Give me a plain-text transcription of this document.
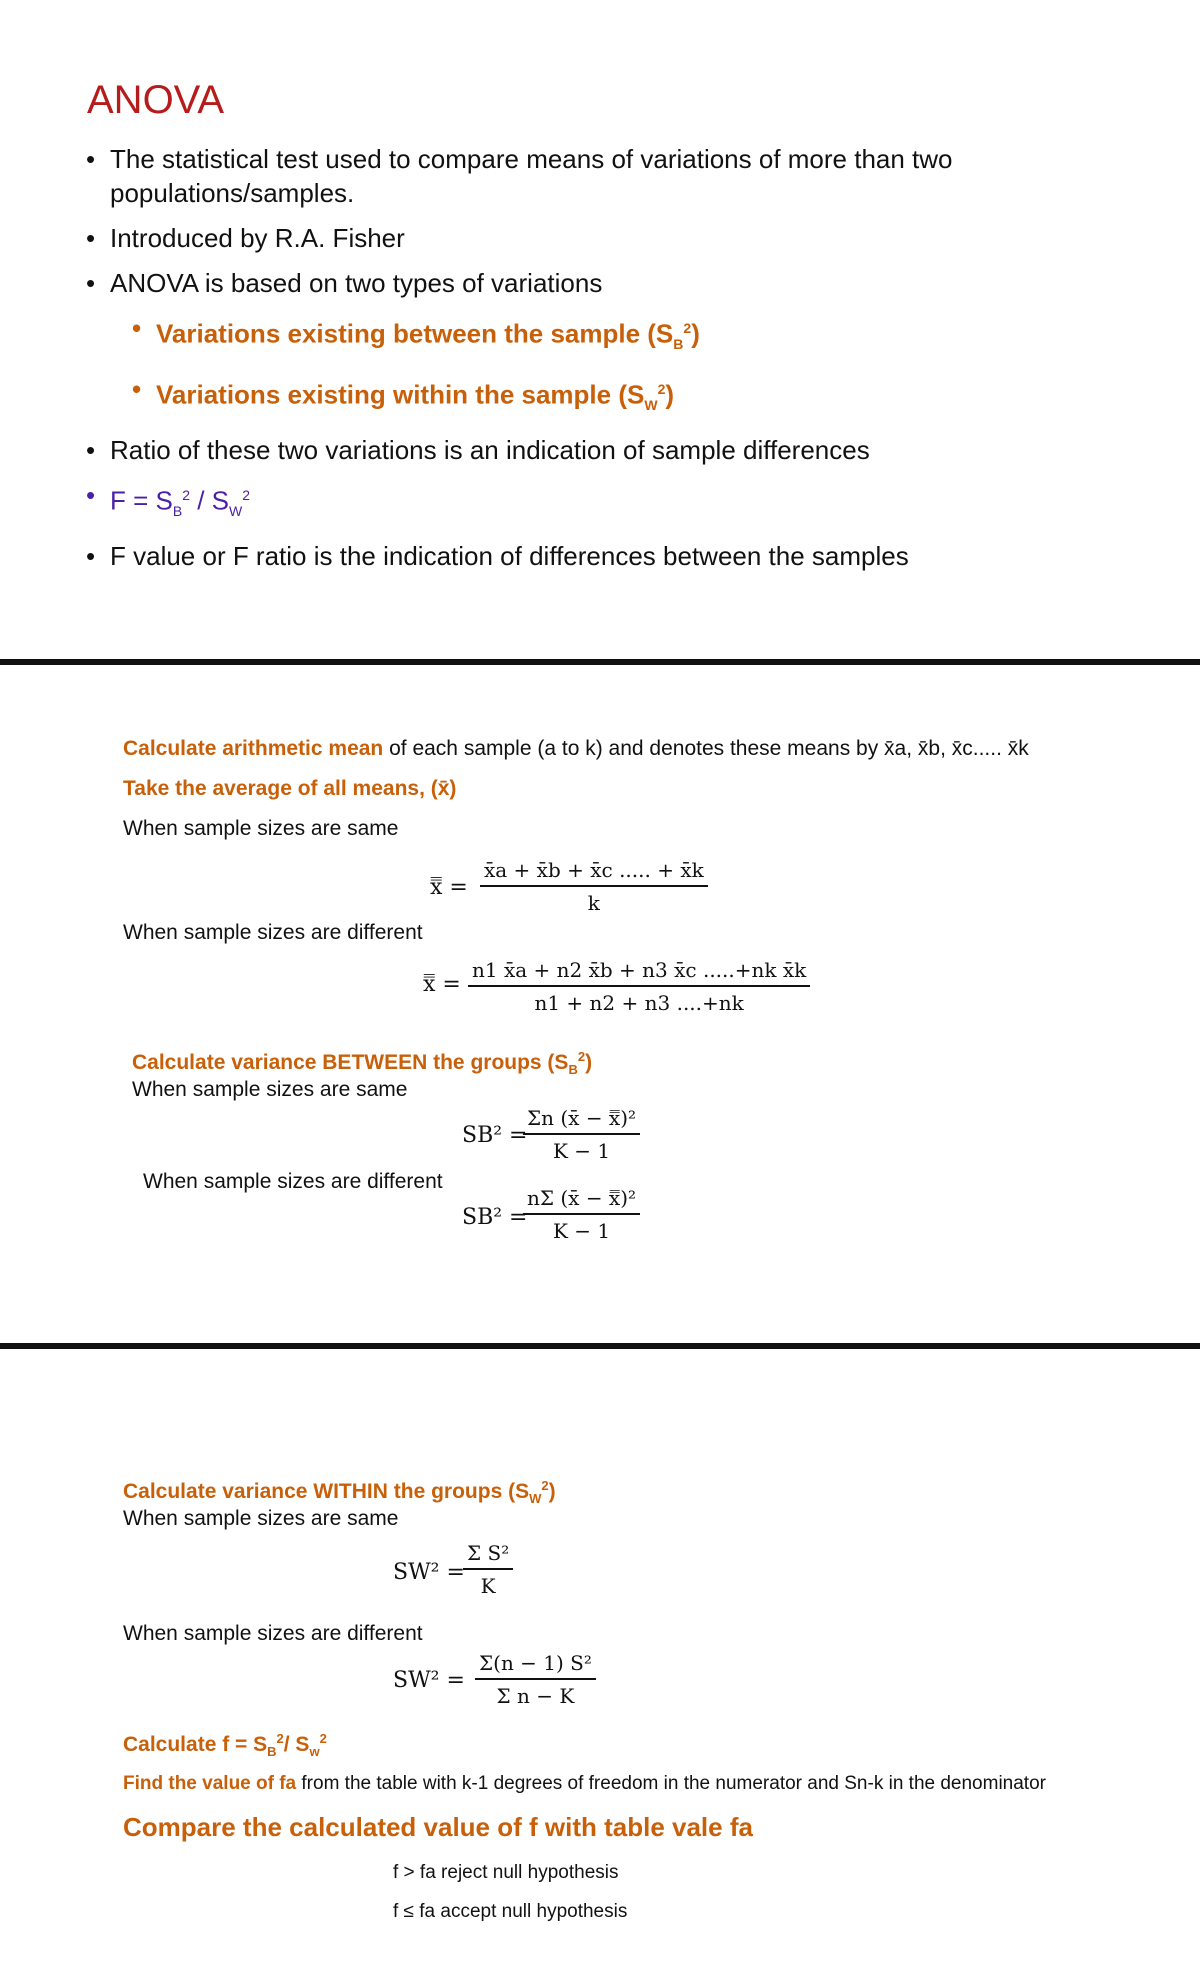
ANOVA
• The statistical test used to compare means of variations of more than two populations/samples.
• Introduced by R.A. Fisher
• ANOVA is based on two types of variations
• Variations existing between the sample $(S_B^2)$
• Variations existing within the sample $(S_W^2)$
• Ratio of these two variations is an indication of sample differences
• $F = S_B^2 / S_W^2$
• F value or F ratio is the indication of differences between the samples
Calculate arithmetic mean of each sample (a to k) and denotes these means by x̄a, x̄b, x̄c..... x̄k
Take the average of all means, (x̄)
When sample sizes are same
x̿ = $\frac{x̄a + x̄b + x̄c ..... + x̄k}{k}$
When sample sizes are different
x̿ = $\frac{\text{n1 x̄a + n2 x̄b + n3 x̄c .....+nk x̄k}}{n1 + n2 + n3 ....+nk}$
Calculate variance BETWEEN the groups $(S_B^2)$
When sample sizes are same
SB² =
$\frac{\text{Σn (x̄ − x̿)²}}{K - 1}$
When sample sizes are different
SB² =
$\frac{\text{nΣ (x̄ − x̿)²}}{K - 1}$
Calculate variance WITHIN the groups $(S_W^2)$
When sample sizes are same
SW² =
$\frac{\text{Σ S²}}{K}$
When sample sizes are different
$SW^2 = \frac{\text{Σ(n − 1) S²}}{\text{Σ n − K}}$
Calculate $f = S_B^2/$ $S_w^2$
Find the value of fa from the table with k-1 degrees of freedom in the numerator and Sn-k in the denominator
Compare the calculated value of f with table vale fa
f > fa reject null hypothesis
f ≤ fa accept null hypothesis
